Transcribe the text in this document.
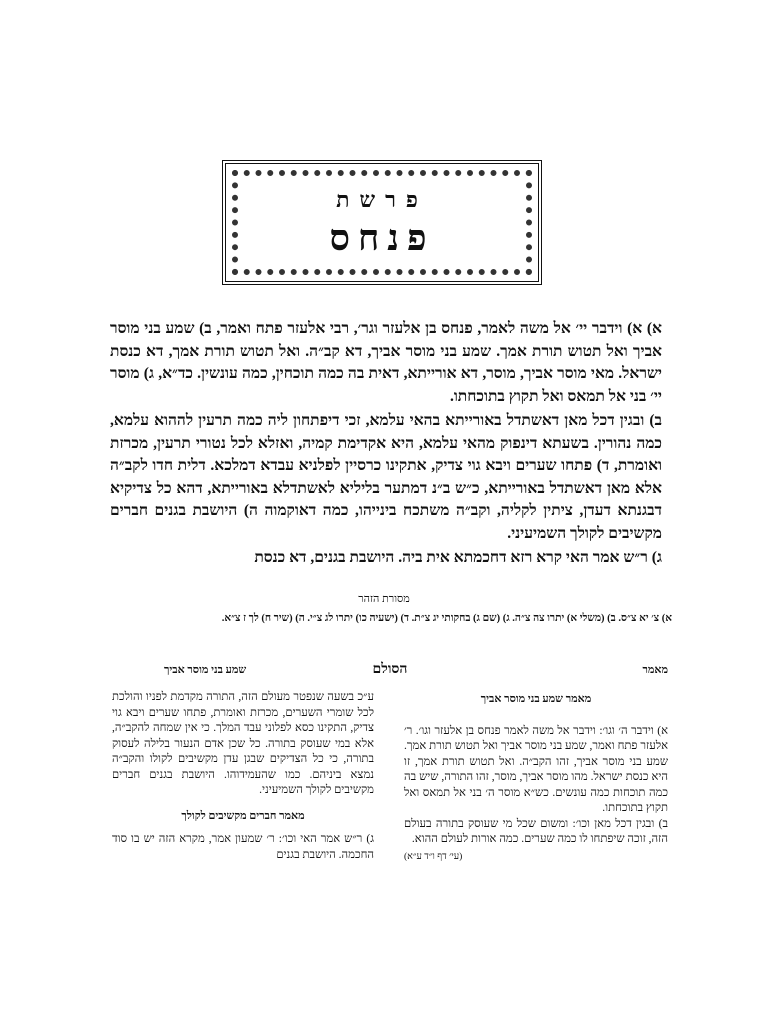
פרשת
פנחס

א) א) וידבר יי׳ אל משה לאמר, פנחס בן אלעזר וגר׳, רבי אלעזר פתח ואמר, ב) שמע בני מוסר אביך ואל תטוש תורת אמך. שמע בני מוסר אביך, דא קב״ה. ואל תטוש תורת אמך, דא כנסת ישראל. מאי מוסר אביך, מוסר, דא אורייתא, דאית בה כמה תוכחין, כמה עונשין. כד״א, ג) מוסר יי׳ בני אל תמאס ואל תקוץ בתוכחתו.

ב) ובגין דכל מאן דאשתדל באורייתא בהאי עלמא, זכי דיפתחון ליה כמה תרעין לההוא עלמא, כמה נהורין. בשעתא דינפוק מהאי עלמא, היא אקדימת קמיה, ואזלא לכל נטורי תרעין, מכרזת ואומרת, ד) פתחו שערים ויבא גוי צדיק, אתקינו כרסיין לפלניא עבדא דמלכא. דלית חדו לקב״ה אלא מאן דאשתדל באורייתא, כ״ש ב״נ דמתער בליליא לאשתדלא באורייתא, דהא כל צדיקיא דבגנתא דעדן, ציתין לקליה, וקב״ה משתכח בינייהו, כמה דאוקמוה ה) היושבת בגנים חברים מקשיבים לקולך השמיעיני.

ג) ר״ש אמר האי קרא רזא דחכמתא אית ביה. היושבת בגנים, דא כנסת

מסורת הזהר
א) צ׳ יא צ״ס. ב) (משלי א) יתרו צה צ״ה. ג) (שם ג) בחקותי יג צ״ת. ד) (ישעיה כו) יתרו לג צ״י. ה) (שיר ח) לך ז צ״א.
מאמר
הסולם
שמע בני מוסר אביך
מאמר שמע בני מוסר אביך

א) וידבר ה׳ וגו׳: וידבר אל משה לאמר פנחס בן אלעזר וגו׳. ר׳ אלעזר פתח ואמר, שמע בני מוסר אביך ואל תטוש תורת אמך. שמע בני מוסר אביך, זהו הקב״ה. ואל תטוש תורת אמך, זו היא כנסת ישראל. מהו מוסר אביך, מוסר, זהו התורה, שיש בה כמה תוכחות כמה עונשים. כש״א מוסר ה׳ בני אל תמאס ואל תקוץ בתוכחתו.

ב) ובגין דכל מאן וכו׳: ומשום שכל מי שעוסק בתורה בעולם הזה, זוכה שיפתחו לו כמה שערים. כמה אורות לעולם ההוא.

(עי׳ דף ו״ד ע״א)

ע״כ בשעה שנפטר מעולם הזה, התורה מקדמת לפניו והולכת לכל שומרי השערים, מכרזת ואומרת, פתחו שערים ויבא גוי צדיק, התקינו כסא לפלוני עבד המלך. כי אין שמחה להקב״ה, אלא במי שעוסק בתורה. כל שכן אדם הנעור בלילה לעסוק בתורה, כי כל הצדיקים שבגן עדן מקשיבים לקולו והקב״ה נמצא ביניהם. כמו שהעמידוהו. היושבת בגנים חברים מקשיבים לקולך השמיעיני.

מאמר חברים מקשיבים לקולך

ג) ר״ש אמר האי וכו׳: ר׳ שמעון אמר, מקרא הזה יש בו סוד החכמה. היושבת בגנים
